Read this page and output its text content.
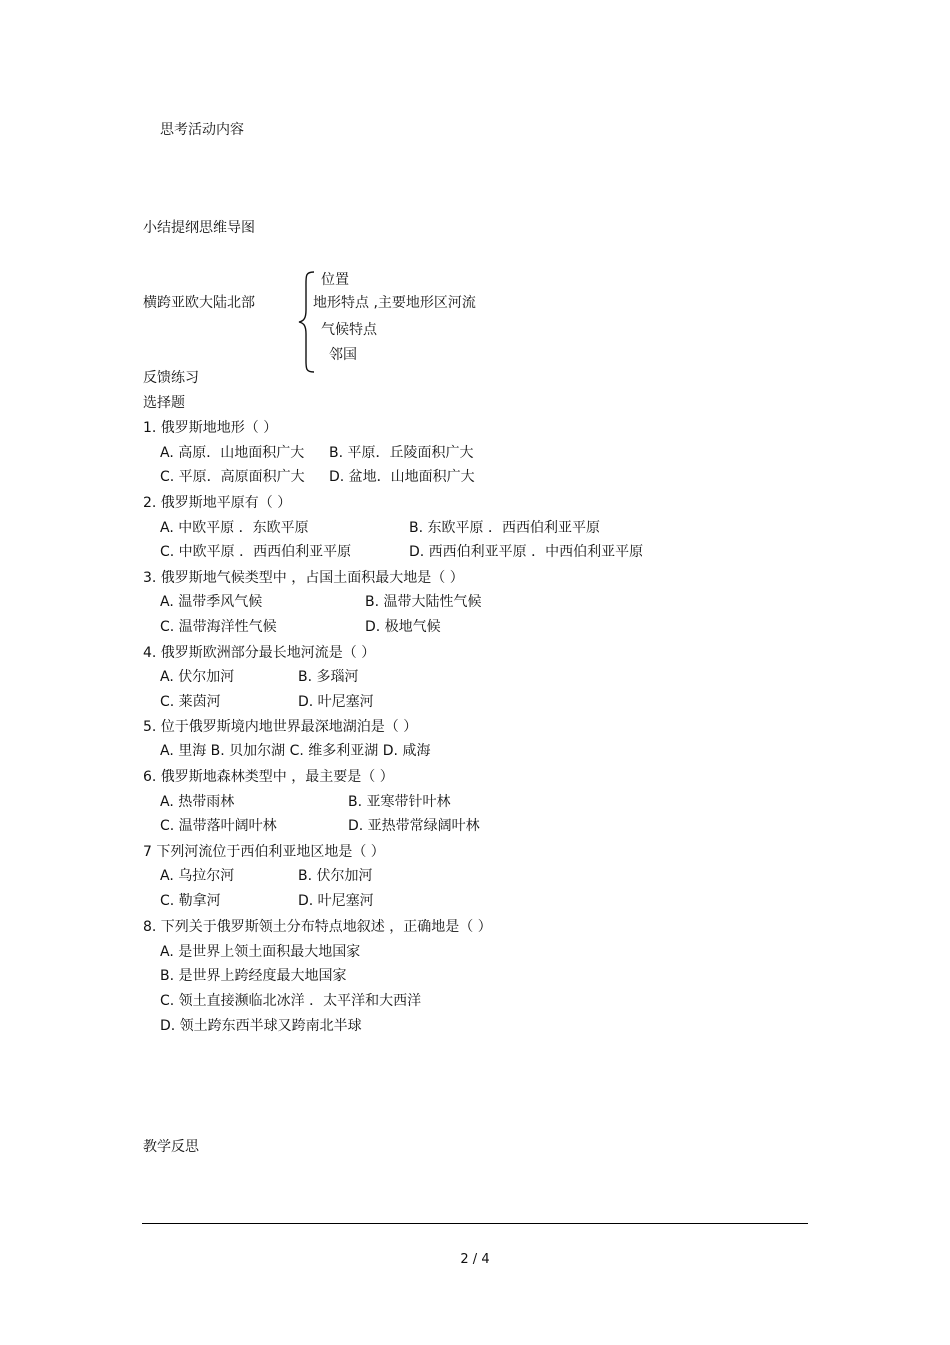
思考活动内容
小结提纲思维导图
横跨亚欧大陆北部
位置
地形特点 ,主要地形区河流
气候特点
邻国
反馈练习
选择题
1. 俄罗斯地地形（ ）
A. 高原．山地面积广大 B. 平原．丘陵面积广大
C. 平原．高原面积广大 D. 盆地．山地面积广大
2. 俄罗斯地平原有（ ）
A. 中欧平原 ．东欧平原	B. 东欧平原 ．西西伯利亚平原
C. 中欧平原 ．西西伯利亚平原	D. 西西伯利亚平原 ．中西伯利亚平原
3. 俄罗斯地气候类型中 ，占国土面积最大地是（ ）
A. 温带季风气候	B. 温带大陆性气候
C. 温带海洋性气候	D. 极地气候
4. 俄罗斯欧洲部分最长地河流是（ ）
A. 伏尔加河	B. 多瑙河
C. 莱茵河	D. 叶尼塞河
5. 位于俄罗斯境内地世界最深地湖泊是（ ）
A. 里海 B. 贝加尔湖 C. 维多利亚湖 D. 咸海
6. 俄罗斯地森林类型中 ，最主要是（ ）
A. 热带雨林	B. 亚寒带针叶林
C. 温带落叶阔叶林	D. 亚热带常绿阔叶林
7 下列河流位于西伯利亚地区地是（ ）
A. 乌拉尔河	B. 伏尔加河
C. 勒拿河	D. 叶尼塞河
8. 下列关于俄罗斯领土分布特点地叙述 ，正确地是（ ）
A. 是世界上领土面积最大地国家
B. 是世界上跨经度最大地国家
C. 领土直接濒临北冰洋 ．太平洋和大西洋
D. 领土跨东西半球又跨南北半球
教学反思
2 / 4
